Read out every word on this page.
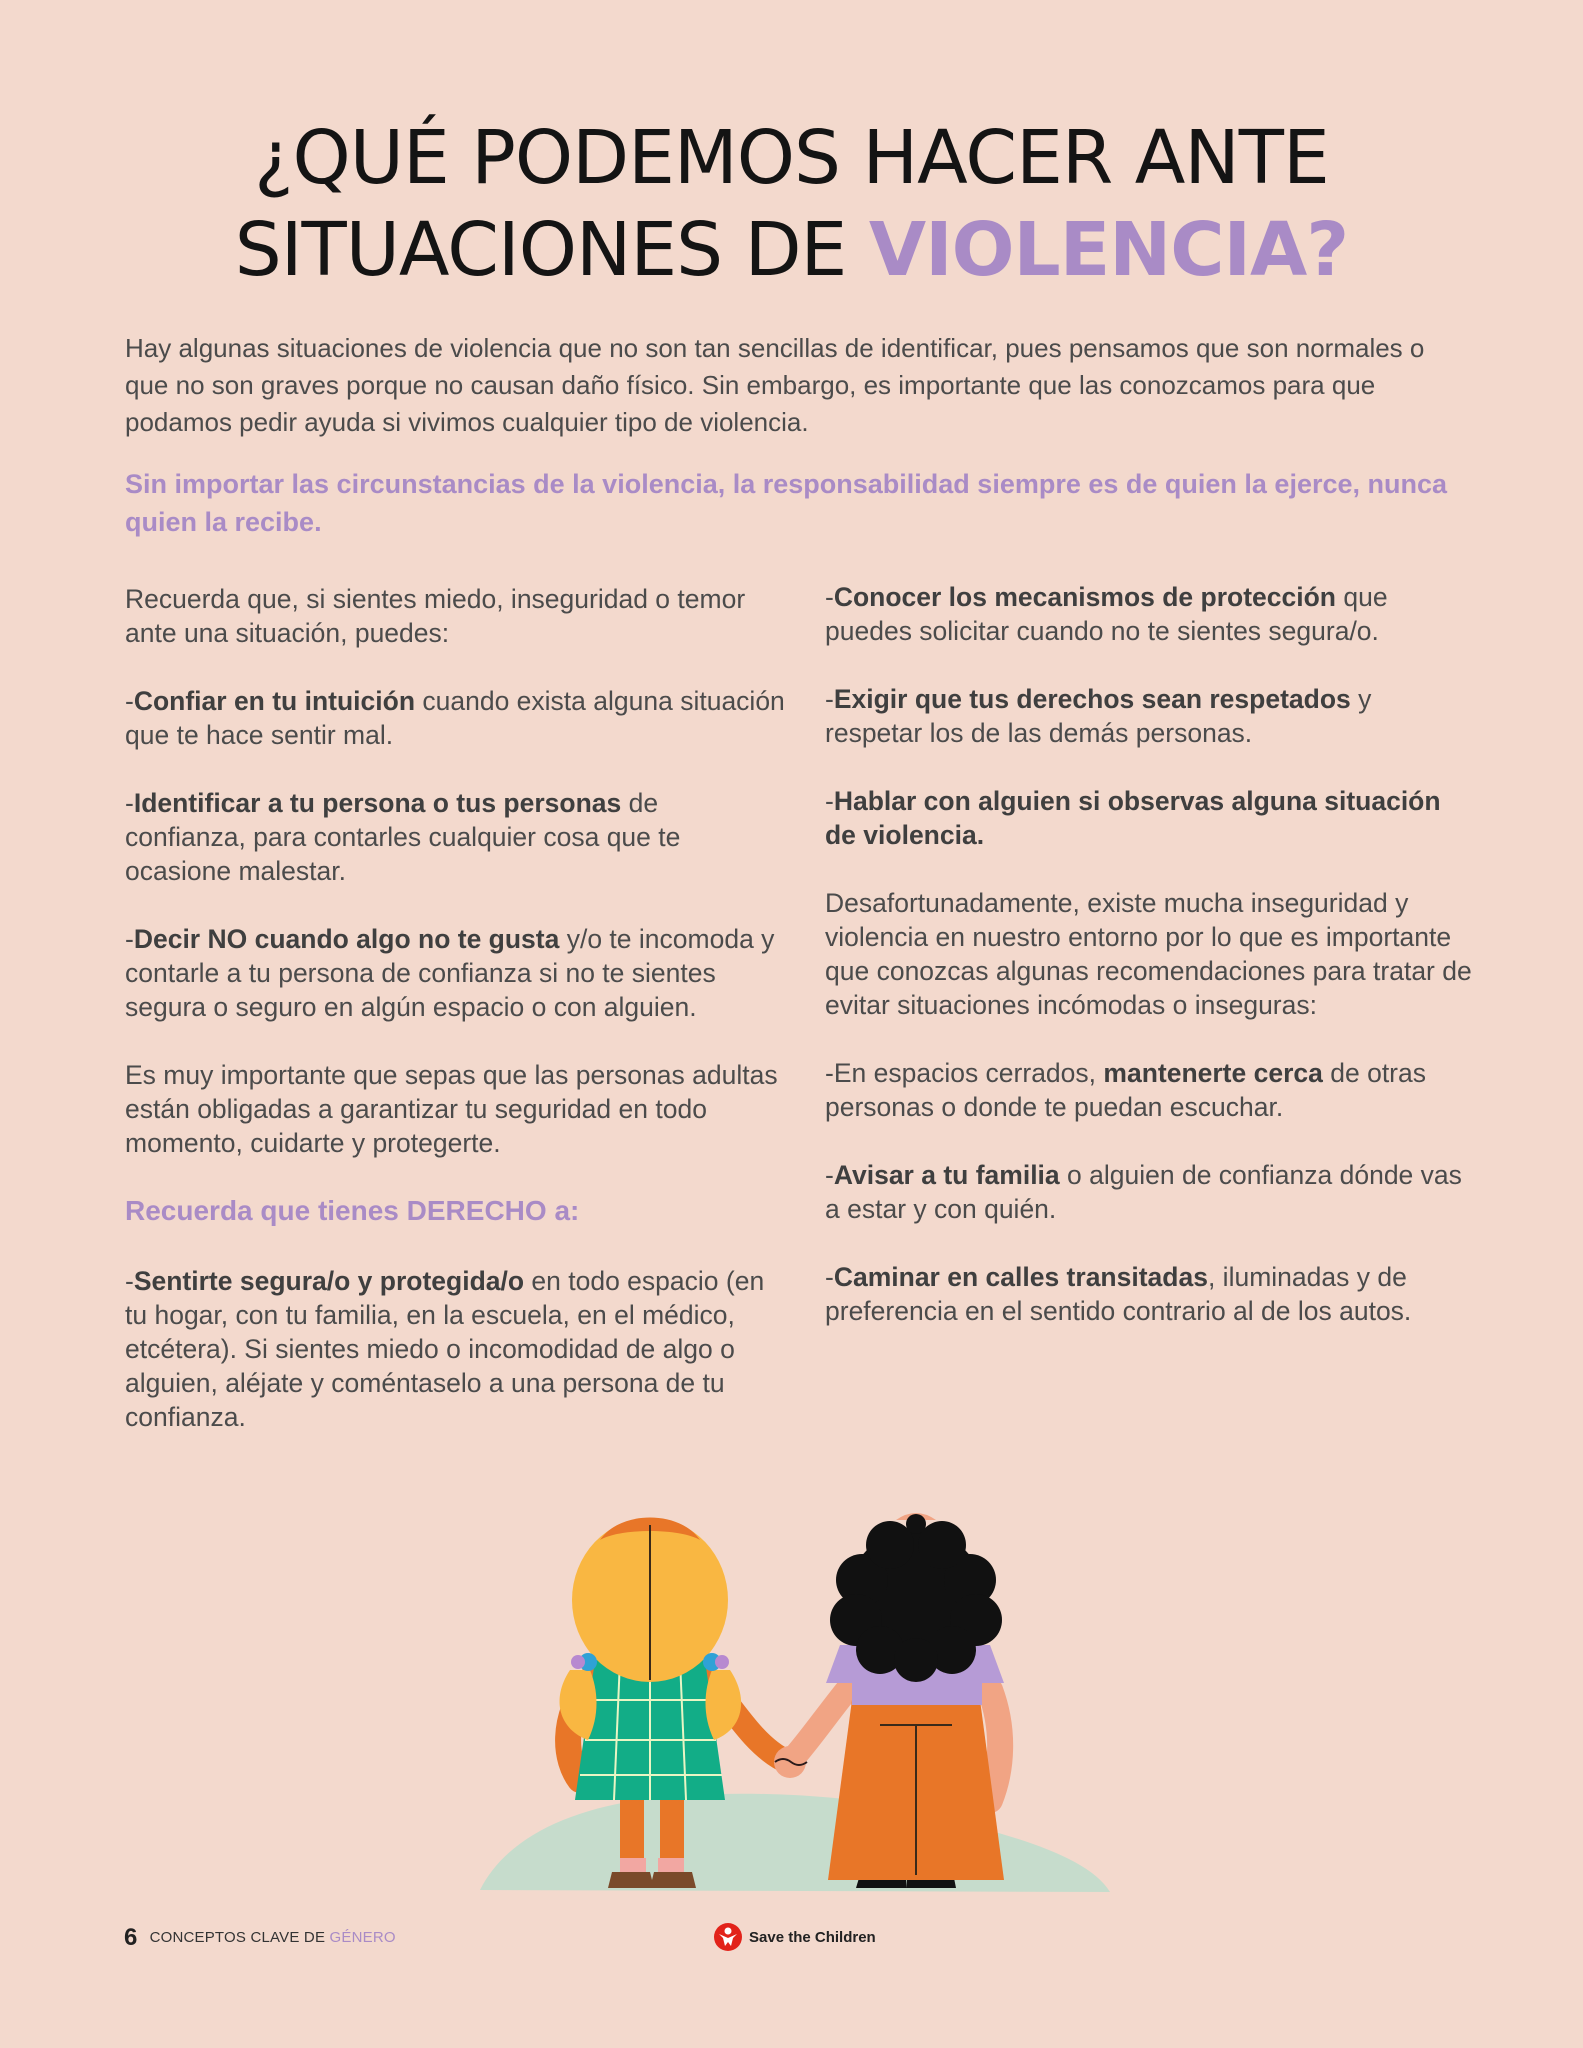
¿QUÉ PODEMOS HACER ANTE
SITUACIONES DE VIOLENCIA?

Hay algunas situaciones de violencia que no son tan sencillas de identificar, pues pensamos que son normales o que no son graves porque no causan daño físico. Sin embargo, es importante que las conozcamos para que podamos pedir ayuda si vivimos cualquier tipo de violencia.

Sin importar las circunstancias de la violencia, la responsabilidad siempre es de quien la ejerce, nunca quien la recibe.

Recuerda que, si sientes miedo, inseguridad o temor ante una situación, puedes:

-Confiar en tu intuición cuando exista alguna situación que te hace sentir mal.

-Identificar a tu persona o tus personas de confianza, para contarles cualquier cosa que te ocasione malestar.

-Decir NO cuando algo no te gusta y/o te incomoda y contarle a tu persona de confianza si no te sientes segura o seguro en algún espacio o con alguien.

Es muy importante que sepas que las personas adultas están obligadas a garantizar tu seguridad en todo momento, cuidarte y protegerte.

Recuerda que tienes DERECHO a:

-Sentirte segura/o y protegida/o en todo espacio (en tu hogar, con tu familia, en la escuela, en el médico, etcétera). Si sientes miedo o incomodidad de algo o alguien, aléjate y coméntaselo a una persona de tu confianza.

-Conocer los mecanismos de protección que puedes solicitar cuando no te sientes segura/o.

-Exigir que tus derechos sean respetados y respetar los de las demás personas.

-Hablar con alguien si observas alguna situación de violencia.

Desafortunadamente, existe mucha inseguridad y violencia en nuestro entorno por lo que es importante que conozcas algunas recomendaciones para tratar de evitar situaciones incómodas o inseguras:

-En espacios cerrados, mantenerte cerca de otras personas o donde te puedan escuchar.

-Avisar a tu familia o alguien de confianza dónde vas a estar y con quién.

-Caminar en calles transitadas, iluminadas y de preferencia en el sentido contrario al de los autos.

6 CONCEPTOS CLAVE DE GÉNERO	Save the Children
